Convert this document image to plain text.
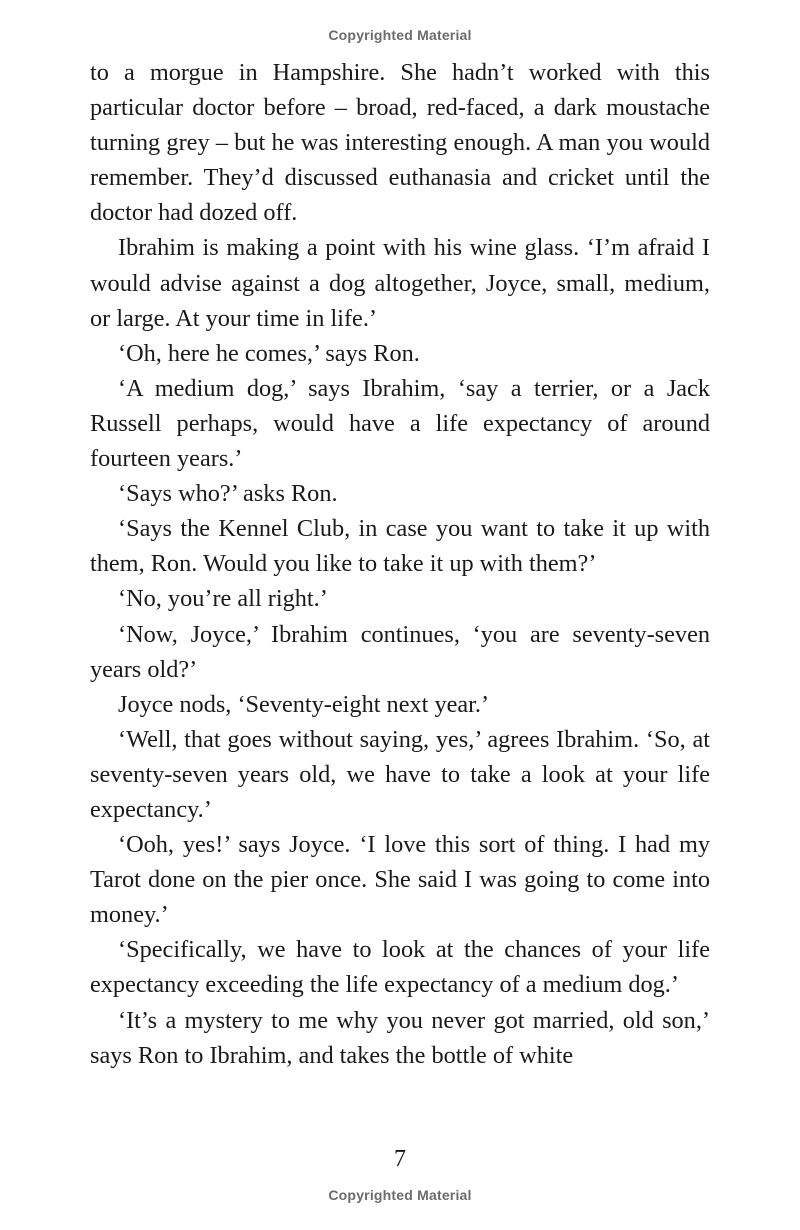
Copyrighted Material

to a morgue in Hampshire. She hadn’t worked with this particular doctor before – broad, red-faced, a dark moustache turning grey – but he was interesting enough. A man you would remember. They’d discussed euthanasia and cricket until the doctor had dozed off.

Ibrahim is making a point with his wine glass. ‘I’m afraid I would advise against a dog altogether, Joyce, small, medium, or large. At your time in life.’

‘Oh, here he comes,’ says Ron.

‘A medium dog,’ says Ibrahim, ‘say a terrier, or a Jack Russell perhaps, would have a life expectancy of around fourteen years.’

‘Says who?’ asks Ron.

‘Says the Kennel Club, in case you want to take it up with them, Ron. Would you like to take it up with them?’

‘No, you’re all right.’

‘Now, Joyce,’ Ibrahim continues, ‘you are seventy-seven years old?’

Joyce nods, ‘Seventy-eight next year.’

‘Well, that goes without saying, yes,’ agrees Ibrahim. ‘So, at seventy-seven years old, we have to take a look at your life expectancy.’

‘Ooh, yes!’ says Joyce. ‘I love this sort of thing. I had my Tarot done on the pier once. She said I was going to come into money.’

‘Specifically, we have to look at the chances of your life expectancy exceeding the life expectancy of a medium dog.’

‘It’s a mystery to me why you never got married, old son,’ says Ron to Ibrahim, and takes the bottle of white

7
Copyrighted Material
